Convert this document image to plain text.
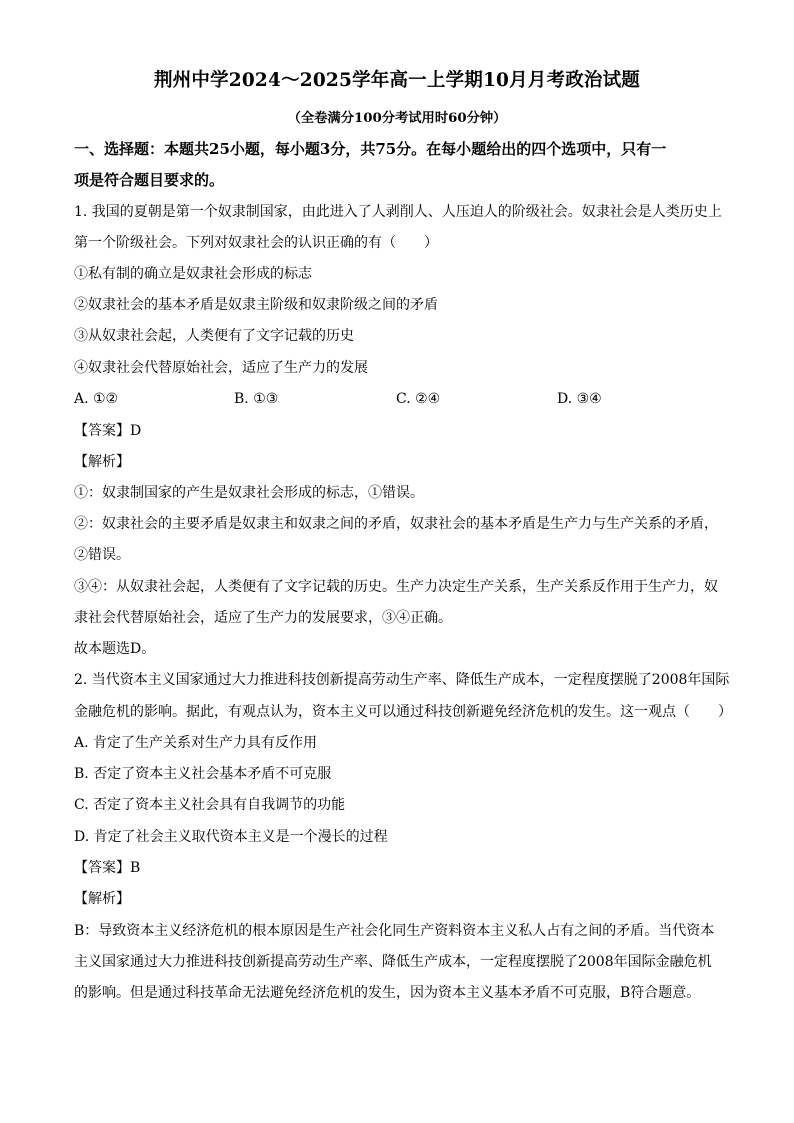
荆州中学2024～2025学年高一上学期10月月考政治试题
（全卷满分100分考试用时60分钟）
一、选择题：本题共25小题，每小题3分，共75分。在每小题给出的四个选项中，只有一
项是符合题目要求的。
1. 我国的夏朝是第一个奴隶制国家，由此进入了人剥削人、人压迫人的阶级社会。奴隶社会是人类历史上
第一个阶级社会。下列对奴隶社会的认识正确的有（　　）
①私有制的确立是奴隶社会形成的标志
②奴隶社会的基本矛盾是奴隶主阶级和奴隶阶级之间的矛盾
③从奴隶社会起，人类便有了文字记载的历史
④奴隶社会代替原始社会，适应了生产力的发展
A. ①②	B. ①③	C. ②④	D. ③④
【答案】D
【解析】
①：奴隶制国家的产生是奴隶社会形成的标志，①错误。
②：奴隶社会的主要矛盾是奴隶主和奴隶之间的矛盾，奴隶社会的基本矛盾是生产力与生产关系的矛盾，
②错误。
③④：从奴隶社会起，人类便有了文字记载的历史。生产力决定生产关系，生产关系反作用于生产力，奴
隶社会代替原始社会，适应了生产力的发展要求，③④正确。
故本题选D。
2. 当代资本主义国家通过大力推进科技创新提高劳动生产率、降低生产成本，一定程度摆脱了2008年国际
金融危机的影响。据此，有观点认为，资本主义可以通过科技创新避免经济危机的发生。这一观点（　　）
A. 肯定了生产关系对生产力具有反作用
B. 否定了资本主义社会基本矛盾不可克服
C. 否定了资本主义社会具有自我调节的功能
D. 肯定了社会主义取代资本主义是一个漫长的过程
【答案】B
【解析】
B：导致资本主义经济危机的根本原因是生产社会化同生产资料资本主义私人占有之间的矛盾。当代资本
主义国家通过大力推进科技创新提高劳动生产率、降低生产成本，一定程度摆脱了2008年国际金融危机
的影响。但是通过科技革命无法避免经济危机的发生，因为资本主义基本矛盾不可克服，B符合题意。
